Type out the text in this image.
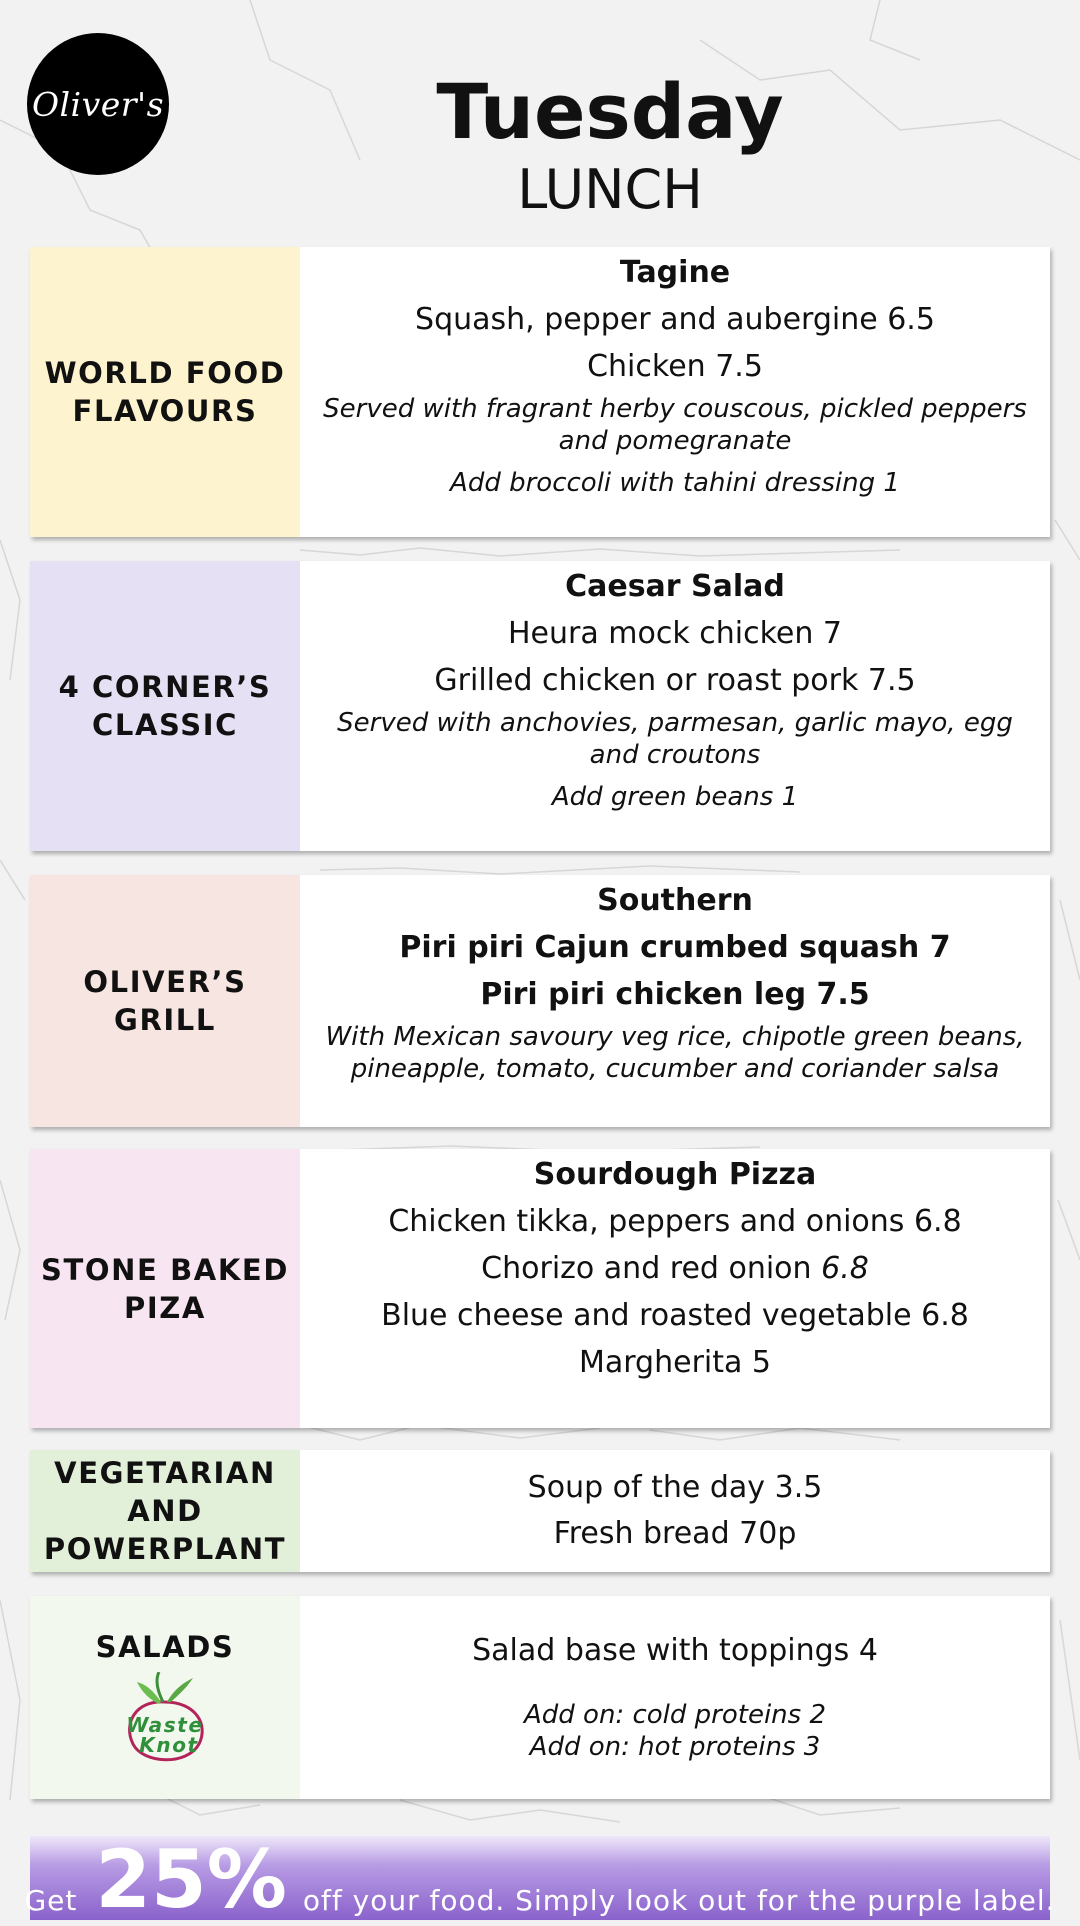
Oliver's	Tuesday
LUNCH
WORLD FOOD FLAVOURS
Tagine
Squash, pepper and aubergine 6.5
Chicken 7.5
Served with fragrant herby couscous, pickled peppers and pomegranate
Add broccoli with tahini dressing 1
4 CORNER’S CLASSIC
Caesar Salad
Heura mock chicken 7
Grilled chicken or roast pork 7.5
Served with anchovies, parmesan, garlic mayo, egg and croutons
Add green beans 1
OLIVER’S GRILL
Southern
Piri piri Cajun crumbed squash 7
Piri piri chicken leg 7.5
With Mexican savoury veg rice, chipotle green beans, pineapple, tomato, cucumber and coriander salsa
STONE BAKED PIZA
Sourdough Pizza
Chicken tikka, peppers and onions 6.8
Chorizo and red onion 6.8
Blue cheese and roasted vegetable 6.8
Margherita 5
VEGETARIAN AND POWERPLANT
Soup of the day 3.5
Fresh bread 70p
SALADS
Waste
Knot
Salad base with toppings 4
Add on: cold proteins 2
Add on: hot proteins 3
Get 25% off your food. Simply look out for the purple label.
